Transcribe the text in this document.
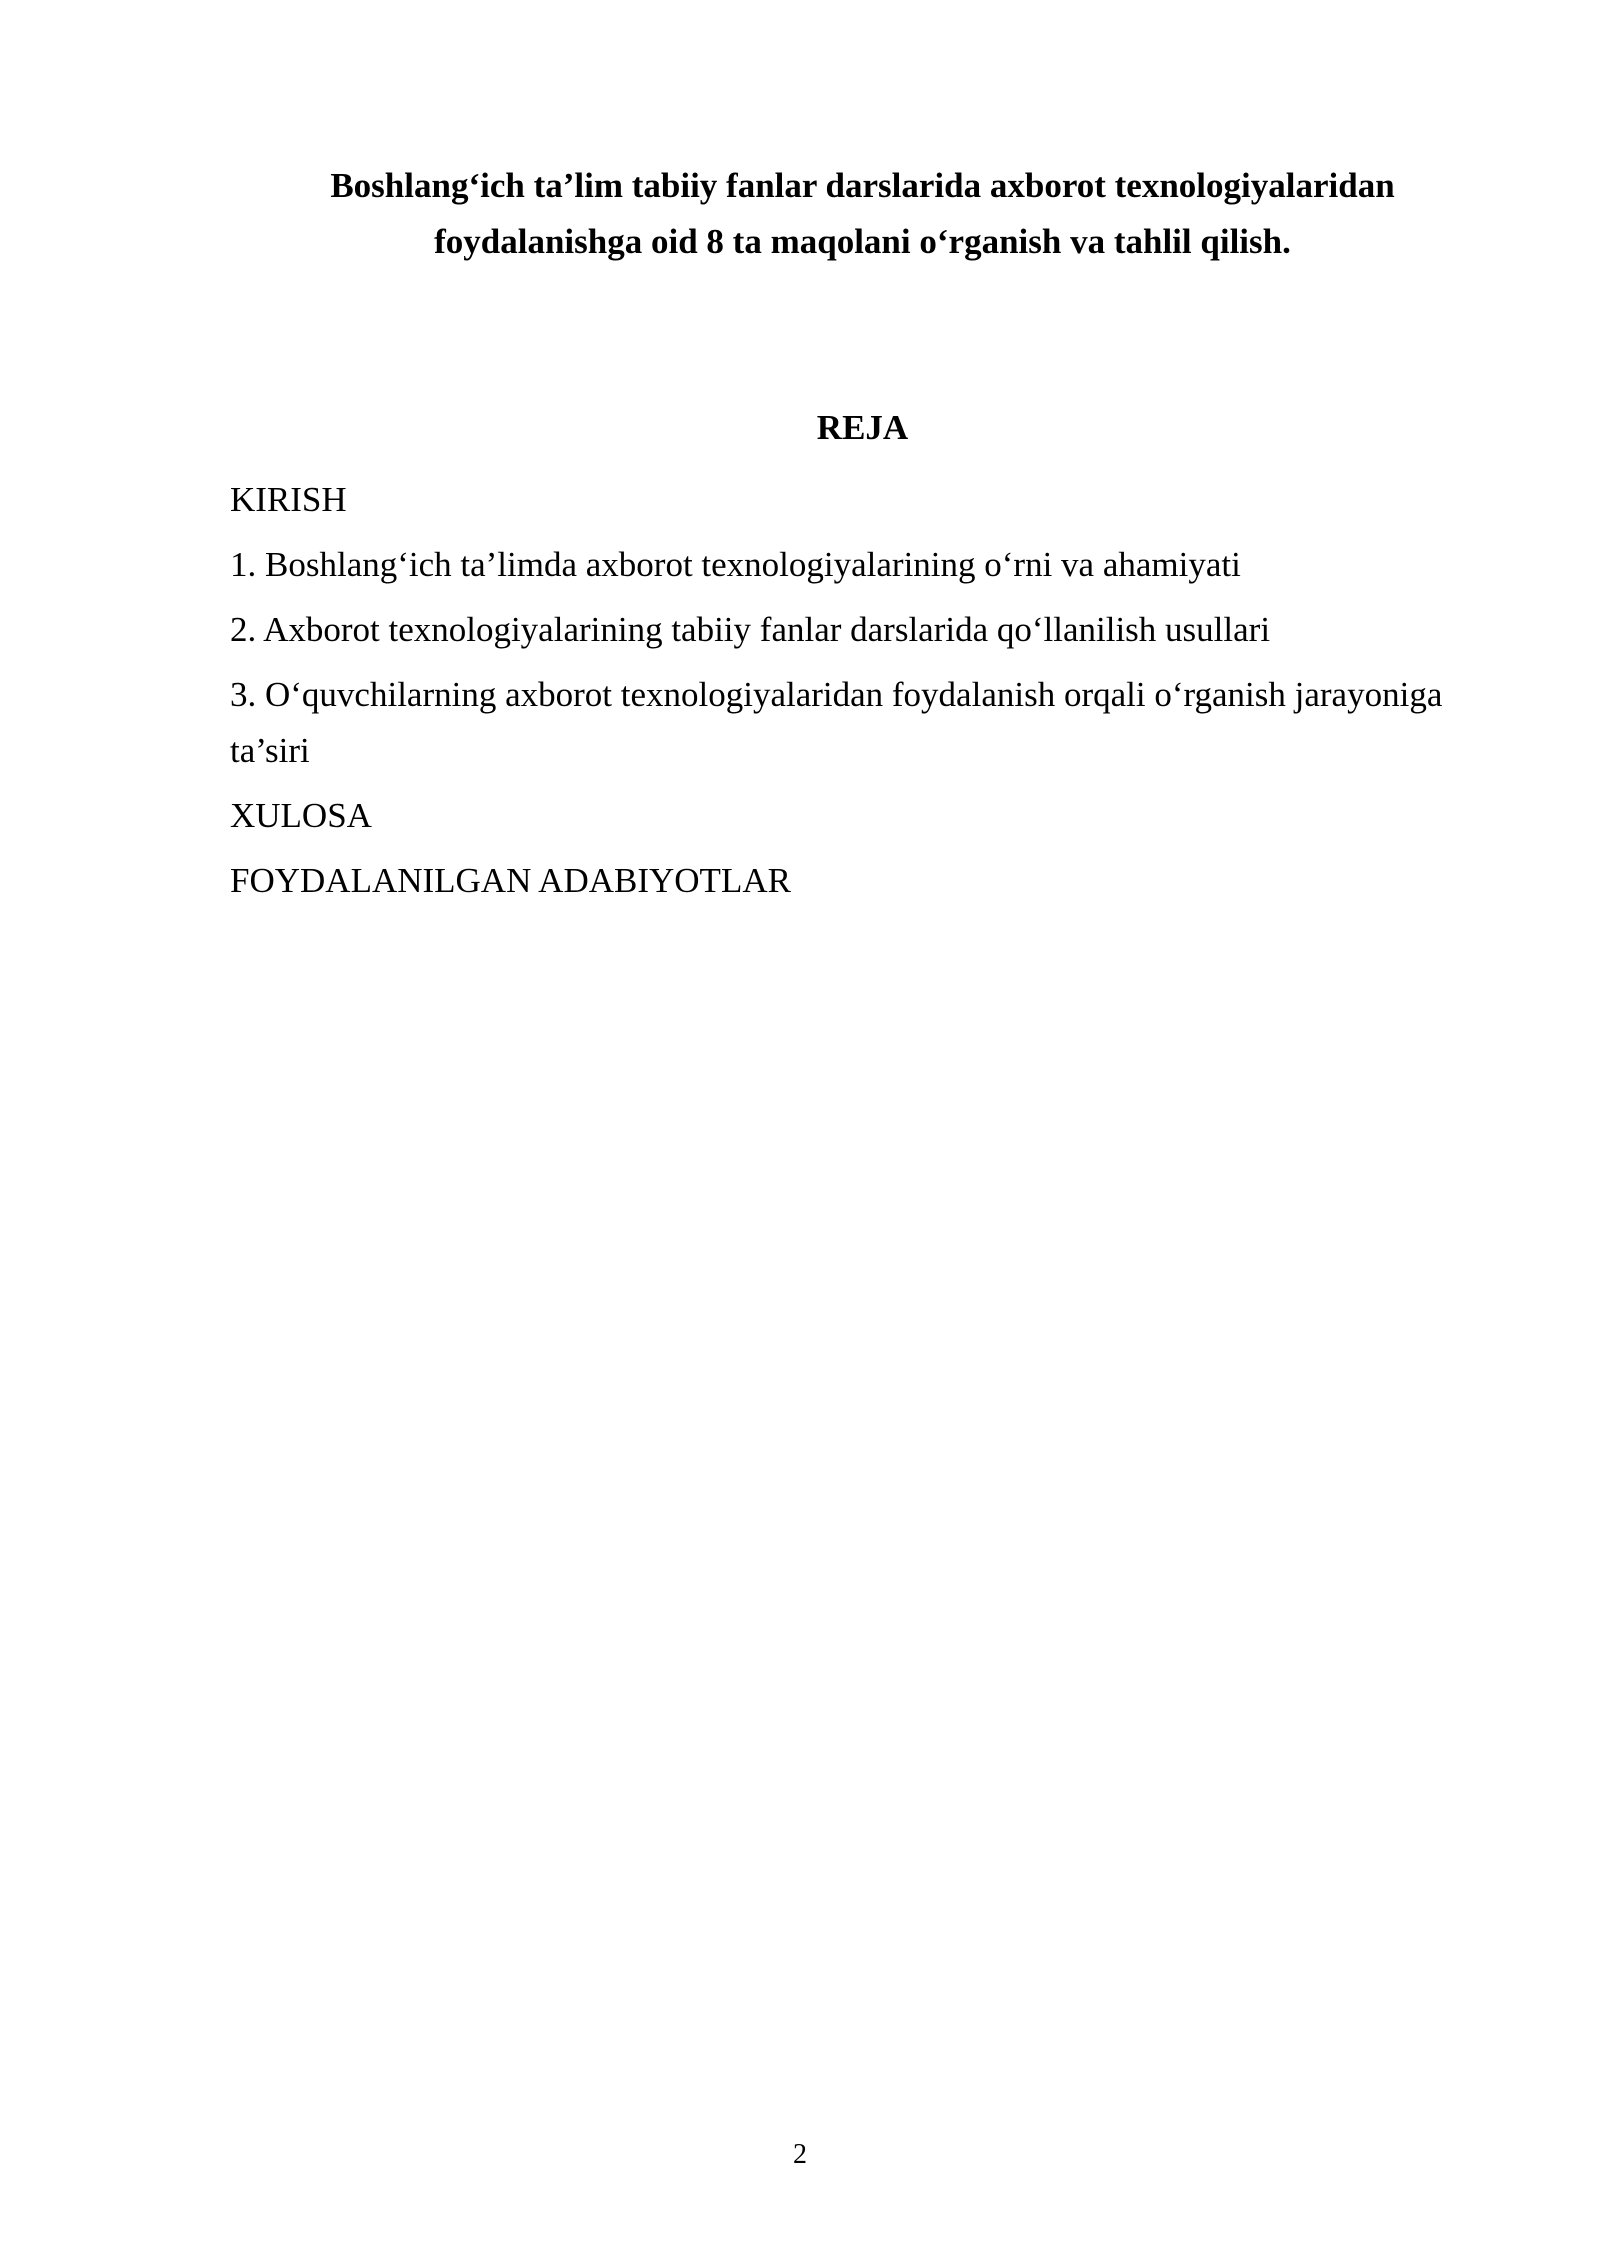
Boshlang‘ich ta’lim tabiiy fanlar darslarida axborot texnologiyalaridan
foydalanishga oid 8 ta maqolani o‘rganish va tahlil qilish.
REJA
KIRISH
1. Boshlang‘ich ta’limda axborot texnologiyalarining o‘rni va ahamiyati
2. Axborot texnologiyalarining tabiiy fanlar darslarida qo‘llanilish usullari
3. O‘quvchilarning axborot texnologiyalaridan foydalanish orqali o‘rganish jarayoniga ta’siri
XULOSA
FOYDALANILGAN ADABIYOTLAR
2
